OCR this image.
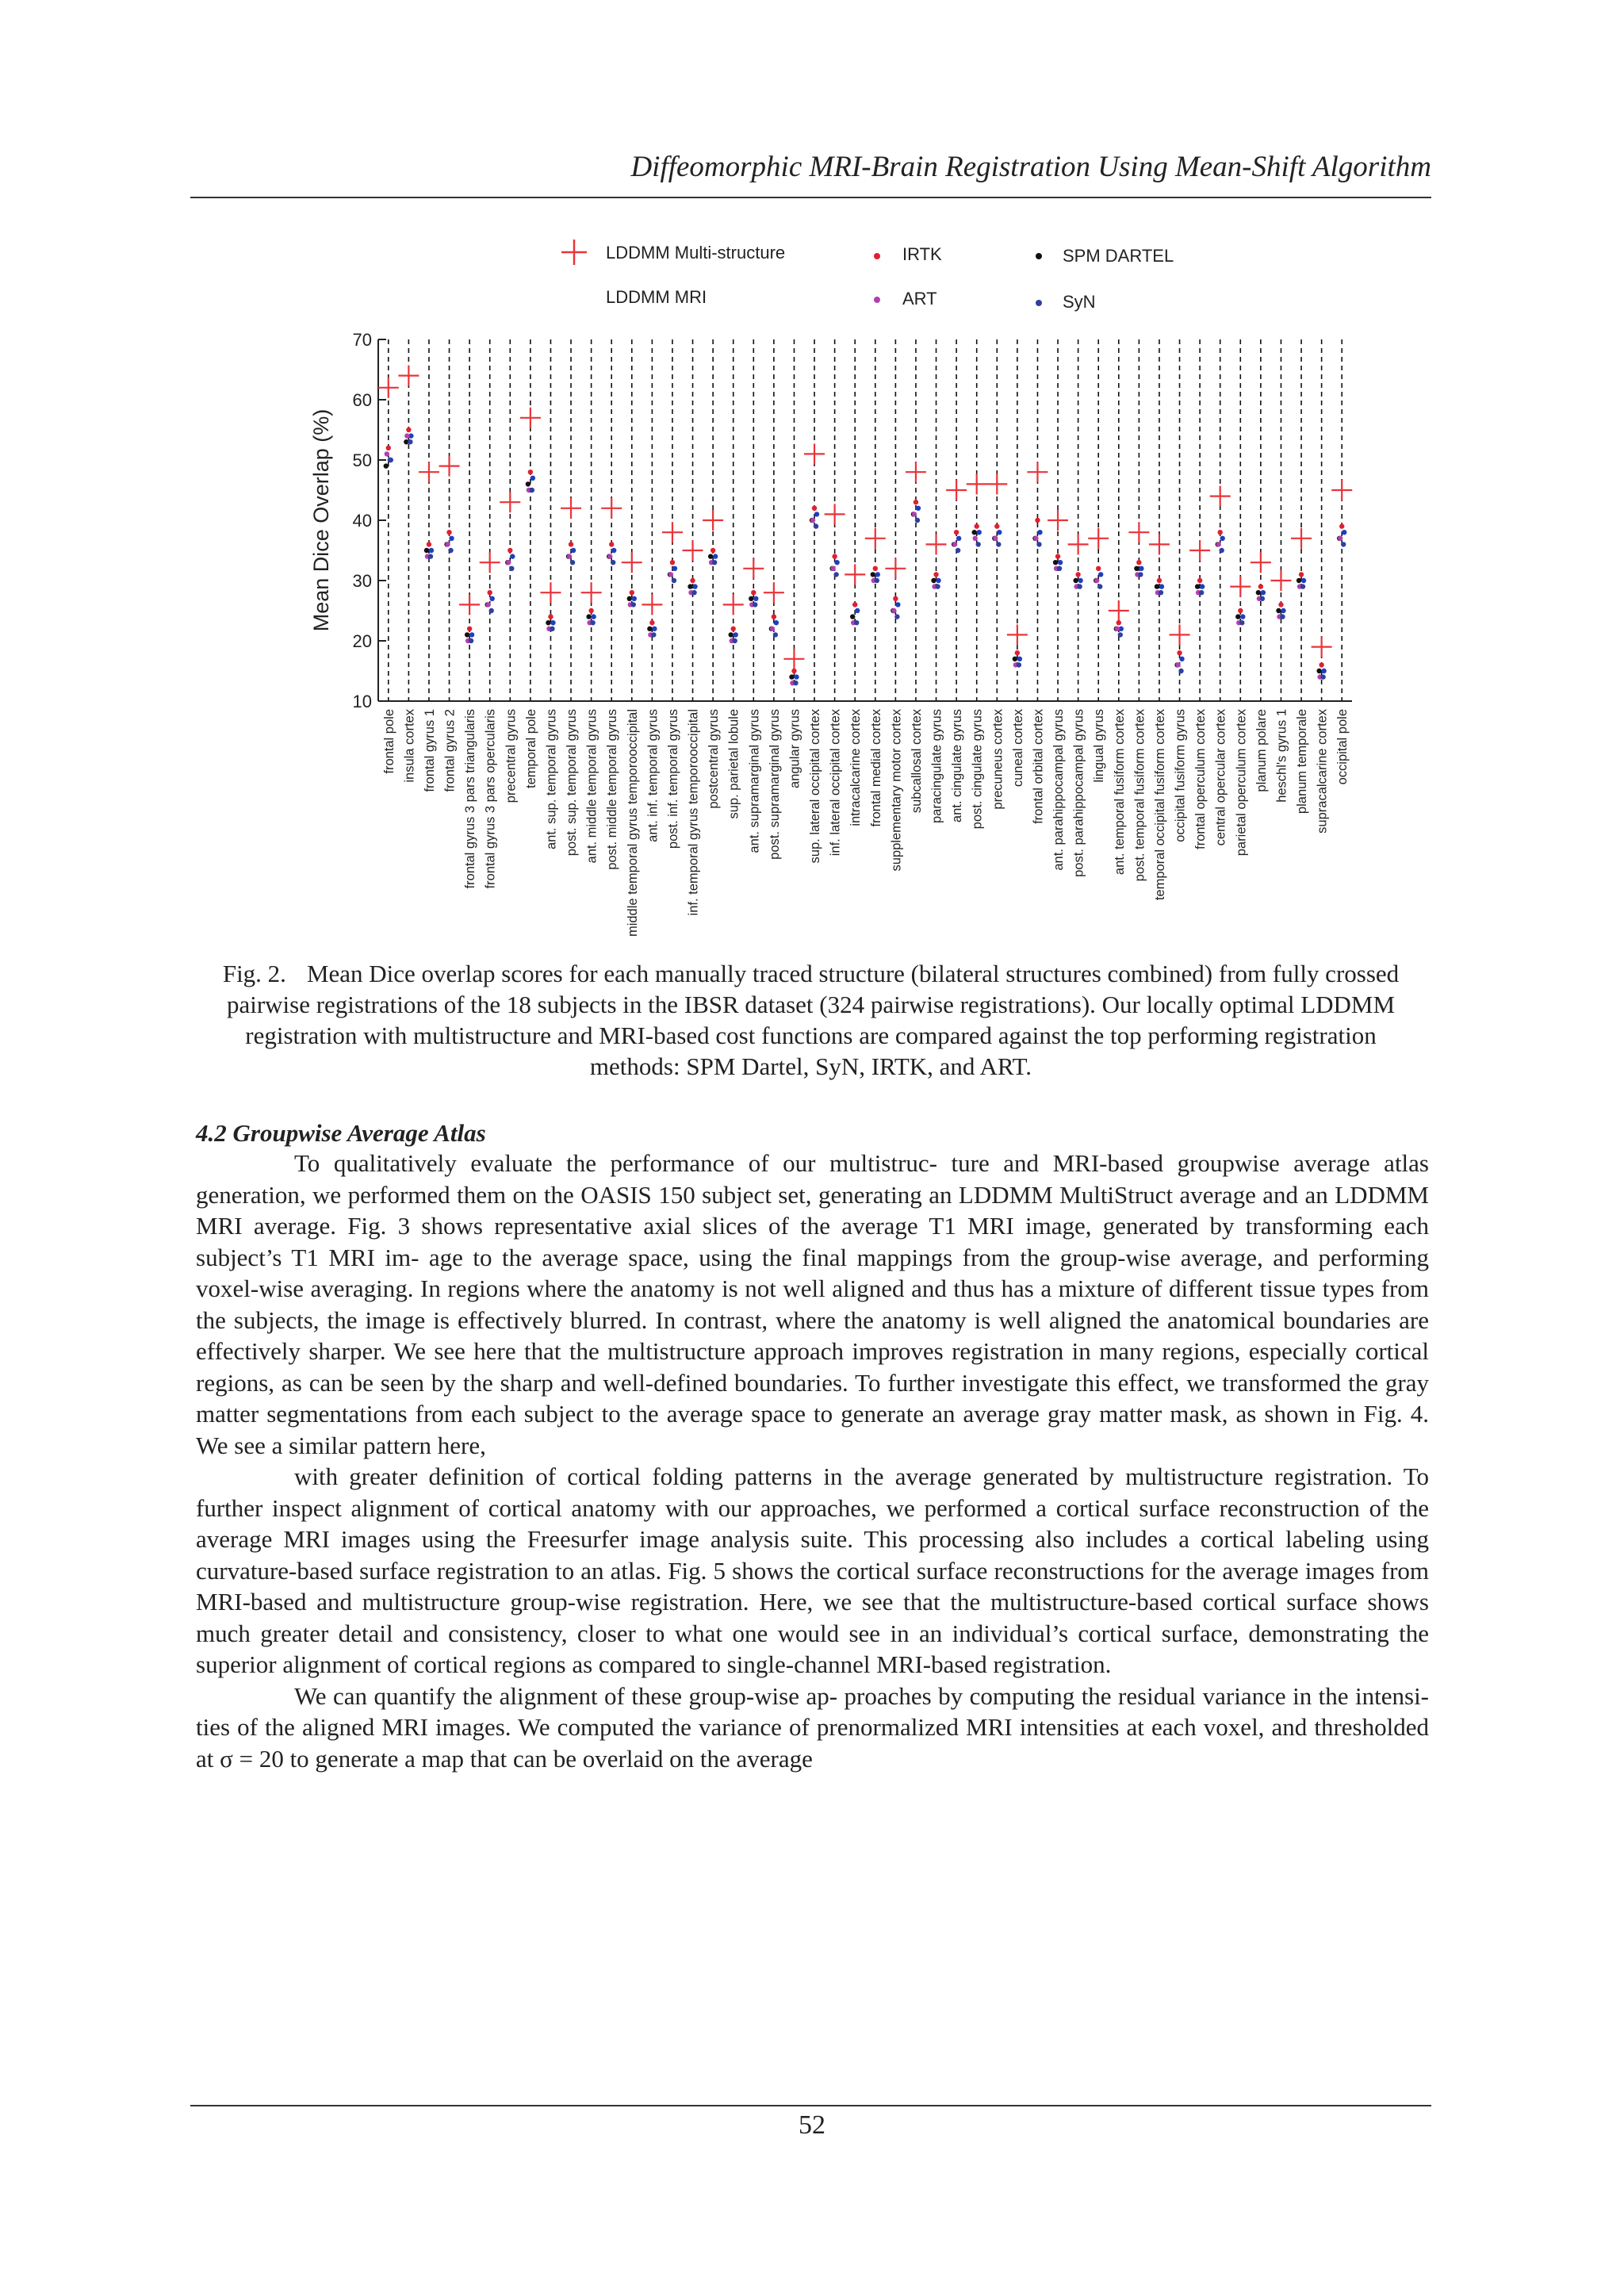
Diffeomorphic MRI-Brain Registration Using Mean-Shift Algorithm
LDDMM Multi-structure	IRTK	SPM DARTEL
LDDMM MRI	ART	SyN
10
20
30
40
50
60
70
Mean Dice Overlap (%)
frontal pole insula cortex frontal gyrus 1 frontal gyrus 2 frontal gyrus 3 pars triangularis frontal gyrus 3 pars opercularis precentral gyrus temporal pole ant. sup. temporal gyrus post. sup. temporal gyrus ant. middle temporal gyrus post. middle temporal gyrus middle temporal gyrus temporooccipital ant. inf. temporal gyrus post. inf. temporal gyrus inf. temporal gyrus temporooccipital postcentral gyrus sup. parietal lobule ant. supramarginal gyrus post. supramarginal gyrus angular gyrus sup. lateral occipital cortex inf. lateral occipital cortex intracalcarine cortex frontal medial cortex supplementary motor cortex subcallosal cortex paracingulate gyrus ant. cingulate gyrus post. cingulate gyrus precuneus cortex cuneal cortex frontal orbital cortex ant. parahippocampal gyrus post. parahippocampal gyrus lingual gyrus ant. temporal fusiform cortex post. temporal fusiform cortex temporal occipital fusiform cortex occipital fusiform gyrus frontal operculum cortex central opercular cortex parietal operculum cortex planum polare heschl's gyrus 1 planum temporale supracalcarine cortex occipital pole
Fig. 2. Mean Dice overlap scores for each manually traced structure (bilateral structures combined) from fully crossed pairwise registrations of the 18 subjects in the IBSR dataset (324 pairwise registrations). Our locally optimal LDDMM registration with multistructure and MRI-based cost functions are compared against the top performing registration methods: SPM Dartel, SyN, IRTK, and ART.
4.2 Groupwise Average Atlas

To qualitatively evaluate the performance of our multistruc- ture and MRI-based groupwise average atlas generation, we performed them on the OASIS 150 subject set, generating an LDDMM MultiStruct average and an LDDMM MRI average. Fig. 3 shows representative axial slices of the average T1 MRI image, generated by transforming each subject’s T1 MRI im- age to the average space, using the final mappings from the group-wise average, and performing voxel-wise averaging. In regions where the anatomy is not well aligned and thus has a mixture of different tissue types from the subjects, the image is effectively blurred. In contrast, where the anatomy is well aligned the anatomical boundaries are effectively sharper. We see here that the multistructure approach improves registration in many regions, especially cortical regions, as can be seen by the sharp and well-defined boundaries. To further investigate this effect, we transformed the gray matter segmentations from each subject to the average space to generate an average gray matter mask, as shown in Fig. 4. We see a similar pattern here,

with greater definition of cortical folding patterns in the average generated by multistructure registration. To further inspect alignment of cortical anatomy with our approaches, we performed a cortical surface reconstruction of the average MRI images using the Freesurfer image analysis suite. This processing also includes a cortical labeling using curvature-based surface registration to an atlas. Fig. 5 shows the cortical surface reconstructions for the average images from MRI-based and multistructure group-wise registration. Here, we see that the multistructure-based cortical surface shows much greater detail and consistency, closer to what one would see in an individual’s cortical surface, demonstrating the superior alignment of cortical regions as compared to single-channel MRI-based registration.

We can quantify the alignment of these group-wise ap- proaches by computing the residual variance in the intensi- ties of the aligned MRI images. We computed the variance of prenormalized MRI intensities at each voxel, and thresholded at σ = 20 to generate a map that can be overlaid on the average

52
